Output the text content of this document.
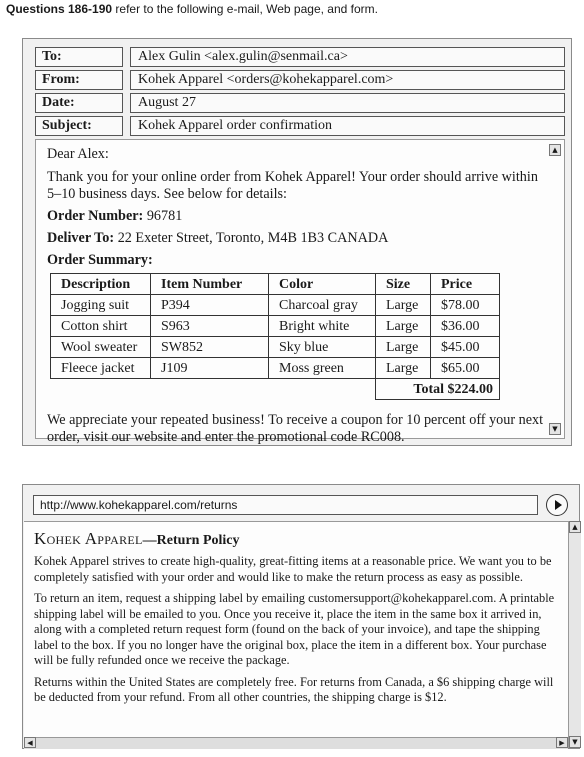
Questions 186-190 refer to the following e-mail, Web page, and form.
To:	Alex Gulin <alex.gulin@senmail.ca>
From:	Kohek Apparel <orders@kohekapparel.com>
Date:	August 27
Subject:	Kohek Apparel order confirmation

Dear Alex:

Thank you for your online order from Kohek Apparel! Your order should arrive within 5–10 business days. See below for details:

Order Number: 96781

Deliver To: 22 Exeter Street, Toronto, M4B 1B3 CANADA

Order Summary:

Description	Item Number	Color	Size	Price
Jogging suit	P394	Charcoal gray	Large	$78.00
Cotton shirt	S963	Bright white	Large	$36.00
Wool sweater	SW852	Sky blue	Large	$45.00
Fleece jacket	J109	Moss green	Large	$65.00
			Total $224.00	

We appreciate your repeated business! To receive a coupon for 10 percent off your next order, visit our website and enter the promotional code RC008.

▲
▼
http://www.kohekapparel.com/returns
Kohek Apparel—Return Policy

Kohek Apparel strives to create high-quality, great-fitting items at a reasonable price. We want you to be completely satisfied with your order and would like to make the return process as easy as possible.

To return an item, request a shipping label by emailing customersupport@kohekapparel.com. A printable shipping label will be emailed to you. Once you receive it, place the item in the same box it arrived in, along with a completed return request form (found on the back of your invoice), and tape the shipping label to the box. If you no longer have the original box, place the item in a different box. Your purchase will be fully refunded once we receive the package.

Returns within the United States are completely free. For returns from Canada, a $6 shipping charge will be deducted from your refund. From all other countries, the shipping charge is $12.

▲
▼
◀	▶
